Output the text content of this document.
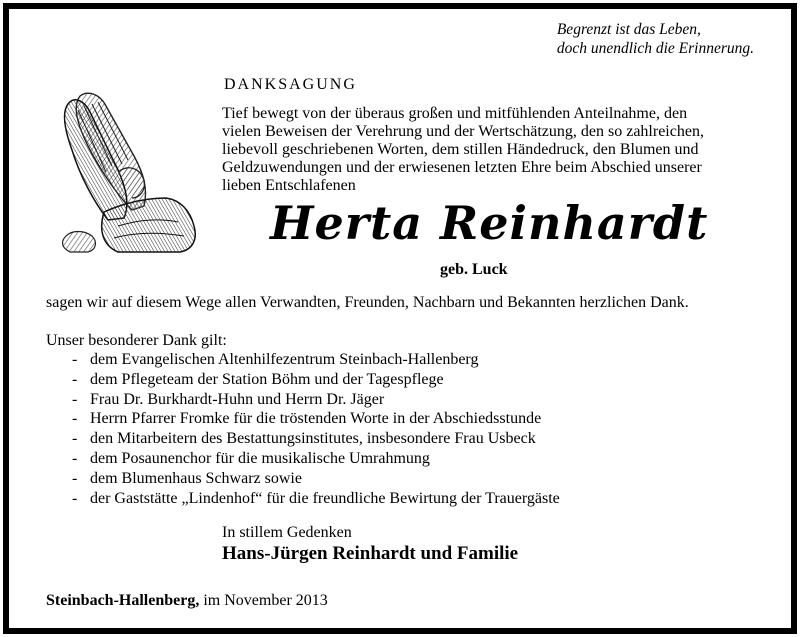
Begrenzt ist das Leben,
doch unendlich die Erinnerung.
DANKSAGUNG
Tief bewegt von der überaus großen und mitfühlenden Anteilnahme, den
vielen Beweisen der Verehrung und der Wertschätzung, den so zahlreichen,
liebevoll geschriebenen Worten, dem stillen Händedruck, den Blumen und
Geldzuwendungen und der erwiesenen letzten Ehre beim Abschied unserer
lieben Entschlafenen
Herta Reinhardt
geb. Luck
sagen wir auf diesem Wege allen Verwandten, Freunden, Nachbarn und Bekannten herzlichen Dank.
Unser besonderer Dank gilt:
- dem Evangelischen Altenhilfezentrum Steinbach-Hallenberg
- dem Pflegeteam der Station Böhm und der Tagespflege
- Frau Dr. Burkhardt-Huhn und Herrn Dr. Jäger
- Herrn Pfarrer Fromke für die tröstenden Worte in der Abschiedsstunde
- den Mitarbeitern des Bestattungsinstitutes, insbesondere Frau Usbeck
- dem Posaunenchor für die musikalische Umrahmung
- dem Blumenhaus Schwarz sowie
- der Gaststätte „Lindenhof“ für die freundliche Bewirtung der Trauergäste
In stillem Gedenken
Hans-Jürgen Reinhardt und Familie
Steinbach-Hallenberg, im November 2013
